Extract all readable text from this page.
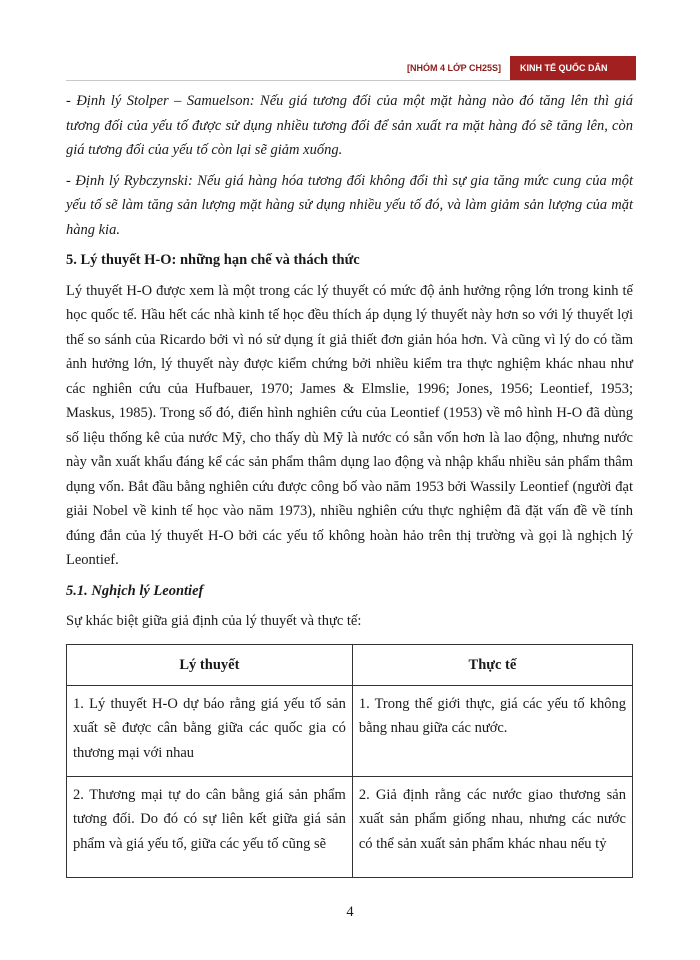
[NHÓM 4 LỚP CH25S]	KINH TẾ QUỐC DÂN

- Định lý Stolper – Samuelson: Nếu giá tương đối của một mặt hàng nào đó tăng lên thì giá tương đối của yếu tố được sử dụng nhiều tương đối để sản xuất ra mặt hàng đó sẽ tăng lên, còn giá tương đối của yếu tố còn lại sẽ giảm xuống.

- Định lý Rybczynski: Nếu giá hàng hóa tương đối không đổi thì sự gia tăng mức cung của một yếu tố sẽ làm tăng sản lượng mặt hàng sử dụng nhiều yếu tố đó, và làm giảm sản lượng của mặt hàng kia.

5. Lý thuyết H-O: những hạn chế và thách thức

Lý thuyết H-O được xem là một trong các lý thuyết có mức độ ảnh hưởng rộng lớn trong kinh tế học quốc tế. Hầu hết các nhà kinh tế học đều thích áp dụng lý thuyết này hơn so với lý thuyết lợi thế so sánh của Ricardo bởi vì nó sử dụng ít giả thiết đơn giản hóa hơn. Và cũng vì lý do có tầm ảnh hưởng lớn, lý thuyết này được kiểm chứng bởi nhiều kiểm tra thực nghiệm khác nhau như các nghiên cứu của Hufbauer, 1970; James & Elmslie, 1996; Jones, 1956; Leontief, 1953; Maskus, 1985). Trong số đó, điển hình nghiên cứu của Leontief (1953) về mô hình H-O đã dùng số liệu thống kê của nước Mỹ, cho thấy dù Mỹ là nước có sẵn vốn hơn là lao động, nhưng nước này vẫn xuất khẩu đáng kể các sản phẩm thâm dụng lao động và nhập khẩu nhiều sản phẩm thâm dụng vốn. Bắt đầu bằng nghiên cứu được công bố vào năm 1953 bởi Wassily Leontief (người đạt giải Nobel về kinh tế học vào năm 1973), nhiều nghiên cứu thực nghiệm đã đặt vấn đề về tính đúng đắn của lý thuyết H-O bởi các yếu tố không hoàn hảo trên thị trường và gọi là nghịch lý Leontief.

5.1. Nghịch lý Leontief

Sự khác biệt giữa giả định của lý thuyết và thực tế:

Lý thuyết	Thực tế
1. Lý thuyết H-O dự báo rằng giá yếu tố sản xuất sẽ được cân bằng giữa các quốc gia có thương mại với nhau	1. Trong thế giới thực, giá các yếu tố không bằng nhau giữa các nước.
2. Thương mại tự do cân bằng giá sản phẩm tương đối. Do đó có sự liên kết giữa giá sản phẩm và giá yếu tố, giữa các yếu tố cũng sẽ	2. Giả định rằng các nước giao thương sản xuất sản phẩm giống nhau, nhưng các nước có thể sản xuất sản phẩm khác nhau nếu tỷ
4
